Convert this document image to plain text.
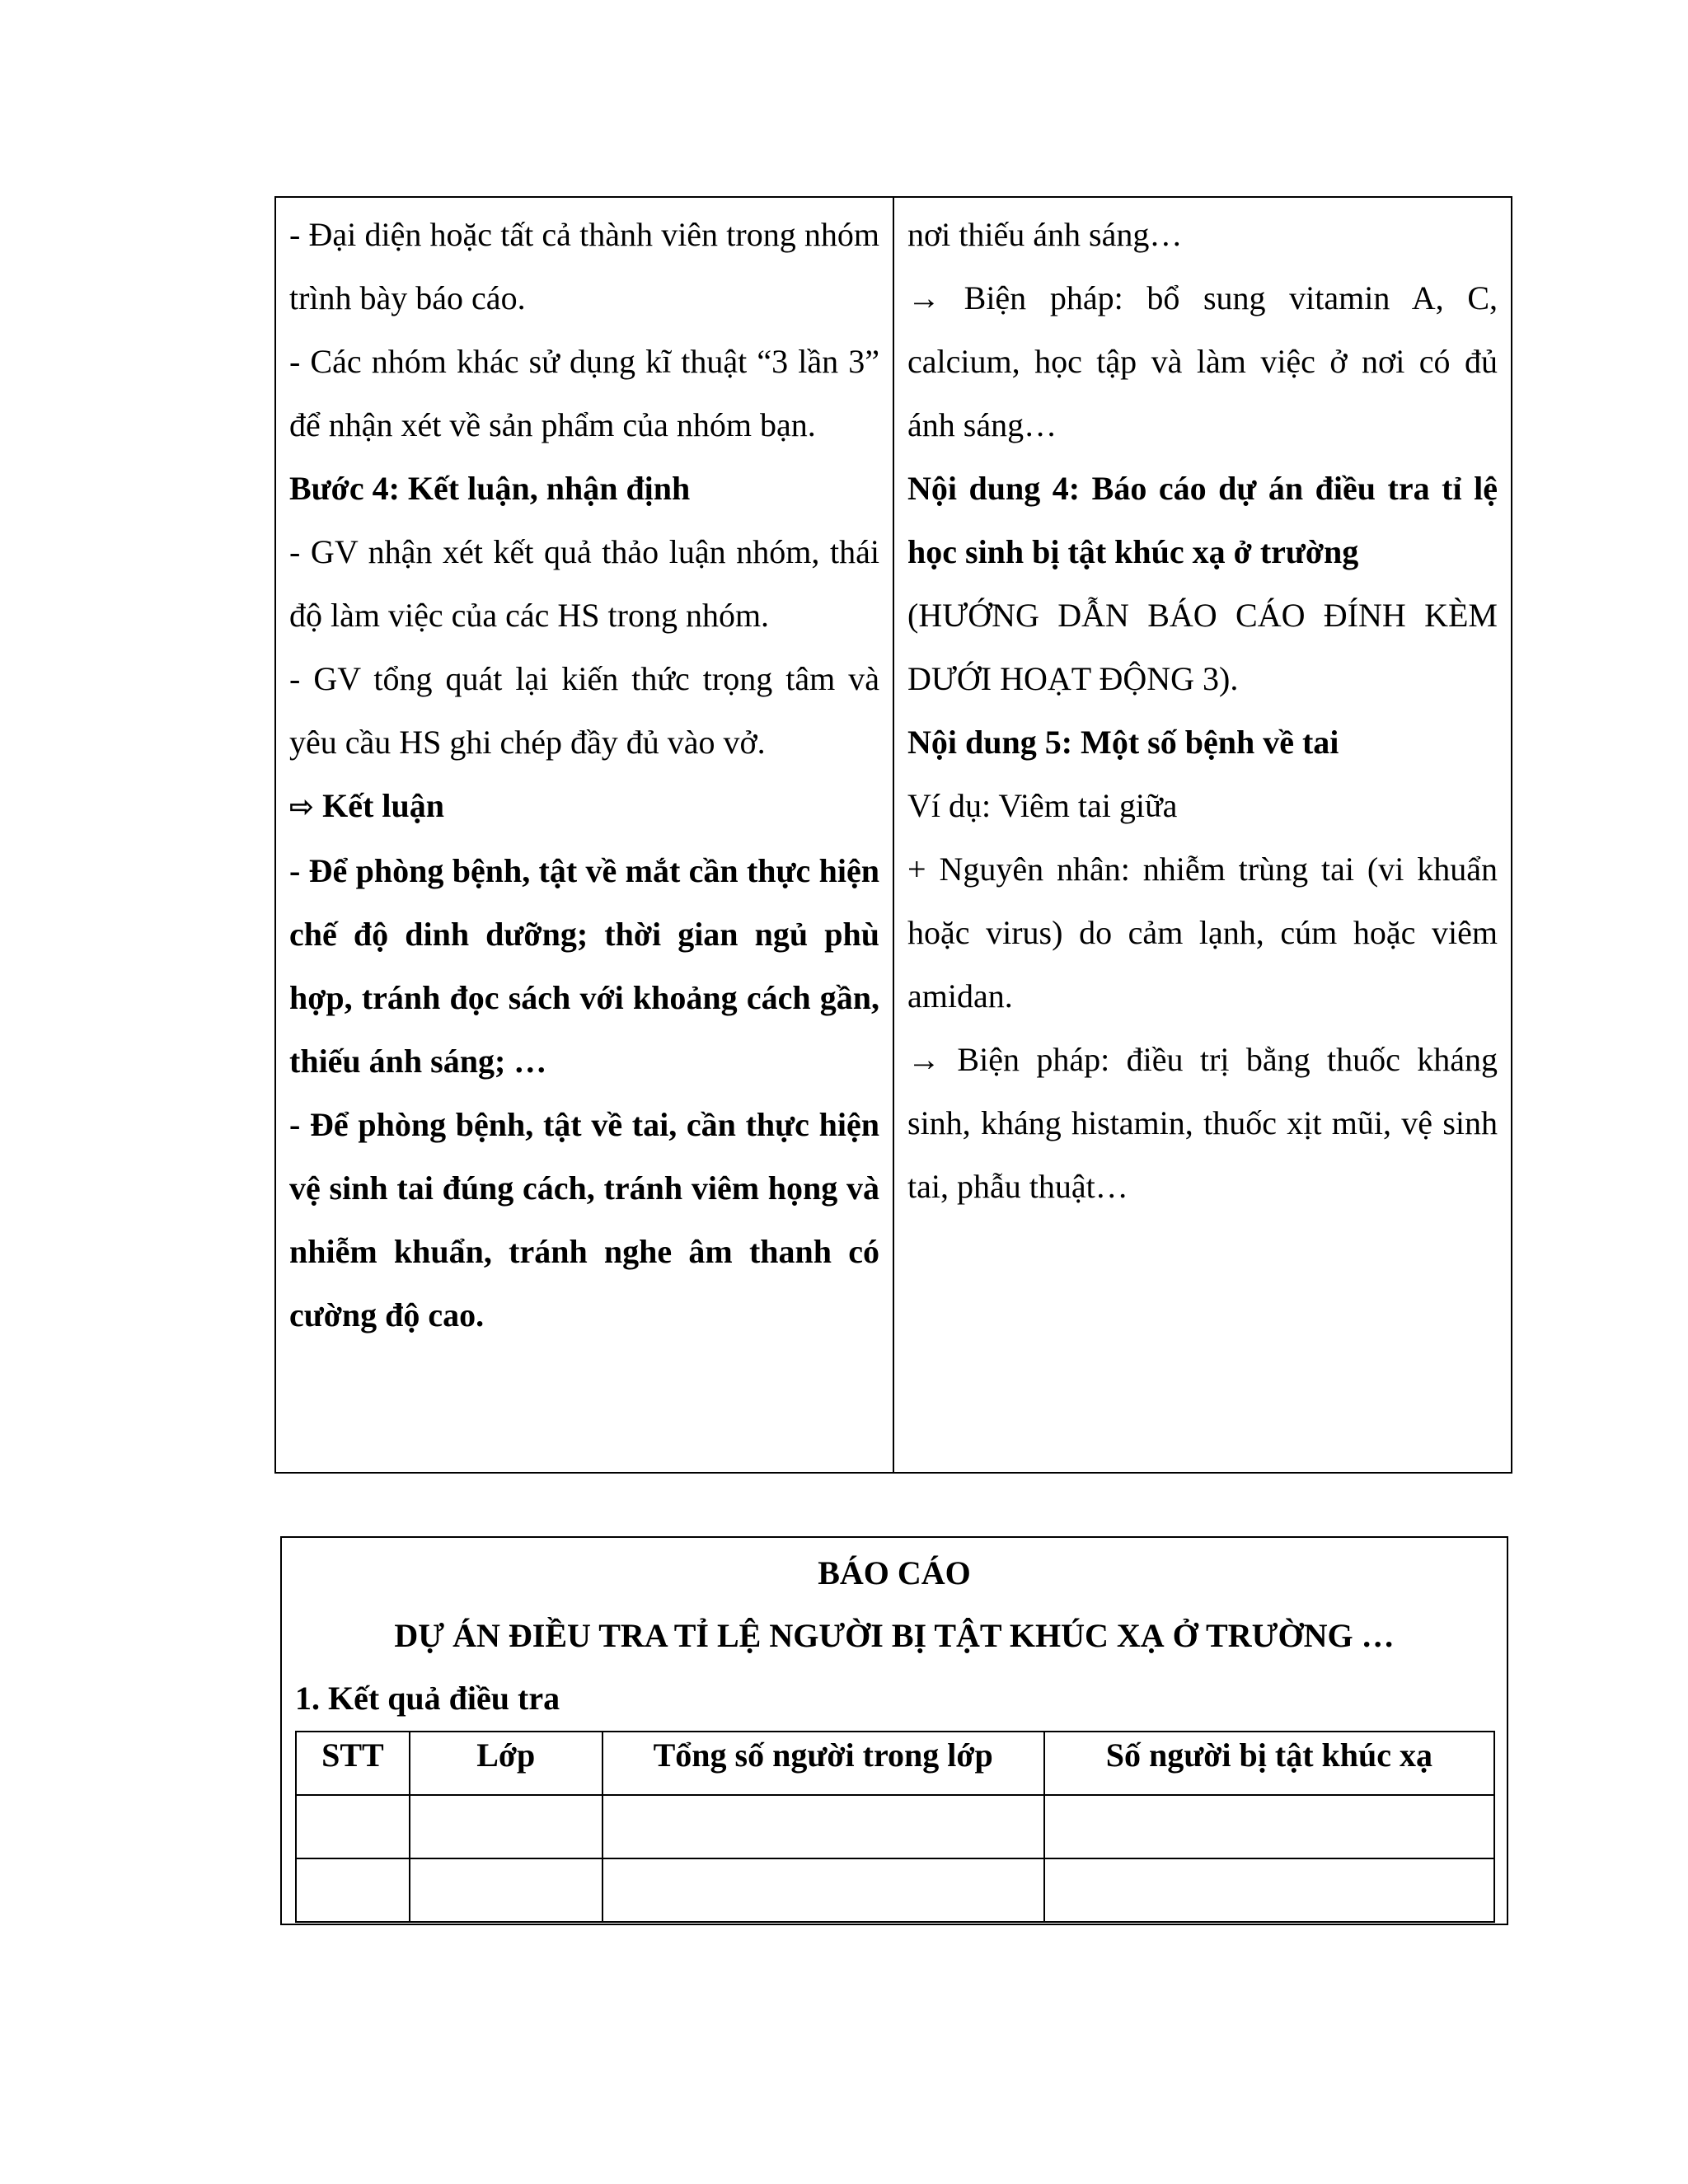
- Đại diện hoặc tất cả thành viên trong nhóm trình bày báo cáo.

- Các nhóm khác sử dụng kĩ thuật “3 lần 3” để nhận xét về sản phẩm của nhóm bạn.

Bước 4: Kết luận, nhận định

- GV nhận xét kết quả thảo luận nhóm, thái độ làm việc của các HS trong nhóm.

- GV tổng quát lại kiến thức trọng tâm và yêu cầu HS ghi chép đầy đủ vào vở.

⇨ Kết luận

- Để phòng bệnh, tật về mắt cần thực hiện chế độ dinh dưỡng; thời gian ngủ phù hợp, tránh đọc sách với khoảng cách gần, thiếu ánh sáng; …

- Để phòng bệnh, tật về tai, cần thực hiện vệ sinh tai đúng cách, tránh viêm họng và nhiễm khuẩn, tránh nghe âm thanh có cường độ cao.

nơi thiếu ánh sáng…

→ Biện pháp: bổ sung vitamin A, C, calcium, học tập và làm việc ở nơi có đủ ánh sáng…

Nội dung 4: Báo cáo dự án điều tra tỉ lệ học sinh bị tật khúc xạ ở trường

(HƯỚNG DẪN BÁO CÁO ĐÍNH KÈM DƯỚI HOẠT ĐỘNG 3).

Nội dung 5: Một số bệnh về tai

Ví dụ: Viêm tai giữa

+ Nguyên nhân: nhiễm trùng tai (vi khuẩn hoặc virus) do cảm lạnh, cúm hoặc viêm amidan.

→ Biện pháp: điều trị bằng thuốc kháng sinh, kháng histamin, thuốc xịt mũi, vệ sinh tai, phẫu thuật…

BÁO CÁO

DỰ ÁN ĐIỀU TRA TỈ LỆ NGƯỜI BỊ TẬT KHÚC XẠ Ở TRƯỜNG …

1. Kết quả điều tra

STT	Lớp	Tổng số người trong lớp	Số người bị tật khúc xạ
